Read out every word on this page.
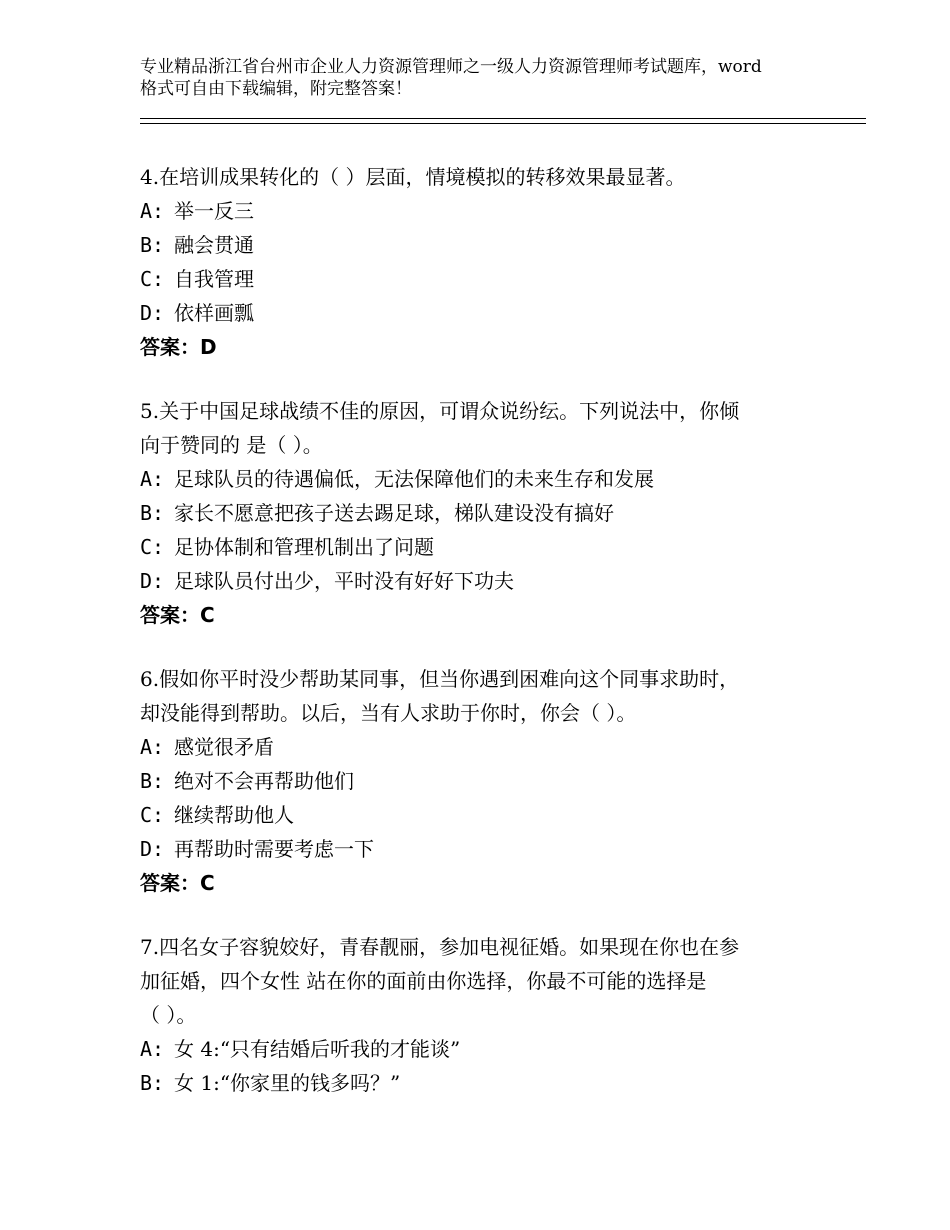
专业精品浙江省台州市企业人力资源管理师之一级人力资源管理师考试题库，word
格式可自由下载编辑，附完整答案！

4.在培训成果转化的（ ）层面，情境模拟的转移效果最显著。

A: 举一反三

B: 融会贯通

C: 自我管理

D: 依样画瓢

答案：D

5.关于中国足球战绩不佳的原因，可谓众说纷纭。下列说法中，你倾

向于赞同的 是（ ）。

A: 足球队员的待遇偏低，无法保障他们的未来生存和发展

B: 家长不愿意把孩子送去踢足球，梯队建设没有搞好

C: 足协体制和管理机制出了问题

D: 足球队员付出少，平时没有好好下功夫

答案：C

6.假如你平时没少帮助某同事，但当你遇到困难向这个同事求助时，

却没能得到帮助。以后，当有人求助于你时，你会（ ）。

A: 感觉很矛盾

B: 绝对不会再帮助他们

C: 继续帮助他人

D: 再帮助时需要考虑一下

答案：C

7.四名女子容貌姣好，青春靓丽，参加电视征婚。如果现在你也在参

加征婚，四个女性 站在你的面前由你选择，你最不可能的选择是

（ ）。

A: 女 4:“只有结婚后听我的才能谈”

B: 女 1:“你家里的钱多吗？”
